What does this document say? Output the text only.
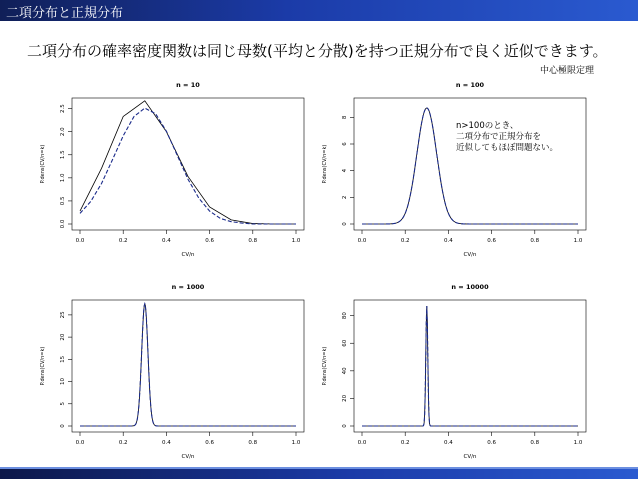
二項分布と正規分布
二項分布の確率密度関数は同じ母数(平均と分散)を持つ正規分布で良く近似できます。
中心極限定理
n = 10
0.0	0.2	0.4	0.6	0.8	1.0
CV/n
0.0
0.5
1.0
1.5
2.0
2.5
P.dens(CV/n=k)
n = 100
0.0	0.2	0.4	0.6	0.8	1.0
CV/n
0
2
4
6
8
P.dens(CV/n=k)
n>100のとき、
二項分布で正規分布を
近似してもほぼ問題ない。
n = 1000
0.0	0.2	0.4	0.6	0.8	1.0
CV/n
0
5
10
15
20
25
P.dens(CV/n=k)
n = 10000
0.0	0.2	0.4	0.6	0.8	1.0
CV/n
0
20
40
60
80
P.dens(CV/n=k)
